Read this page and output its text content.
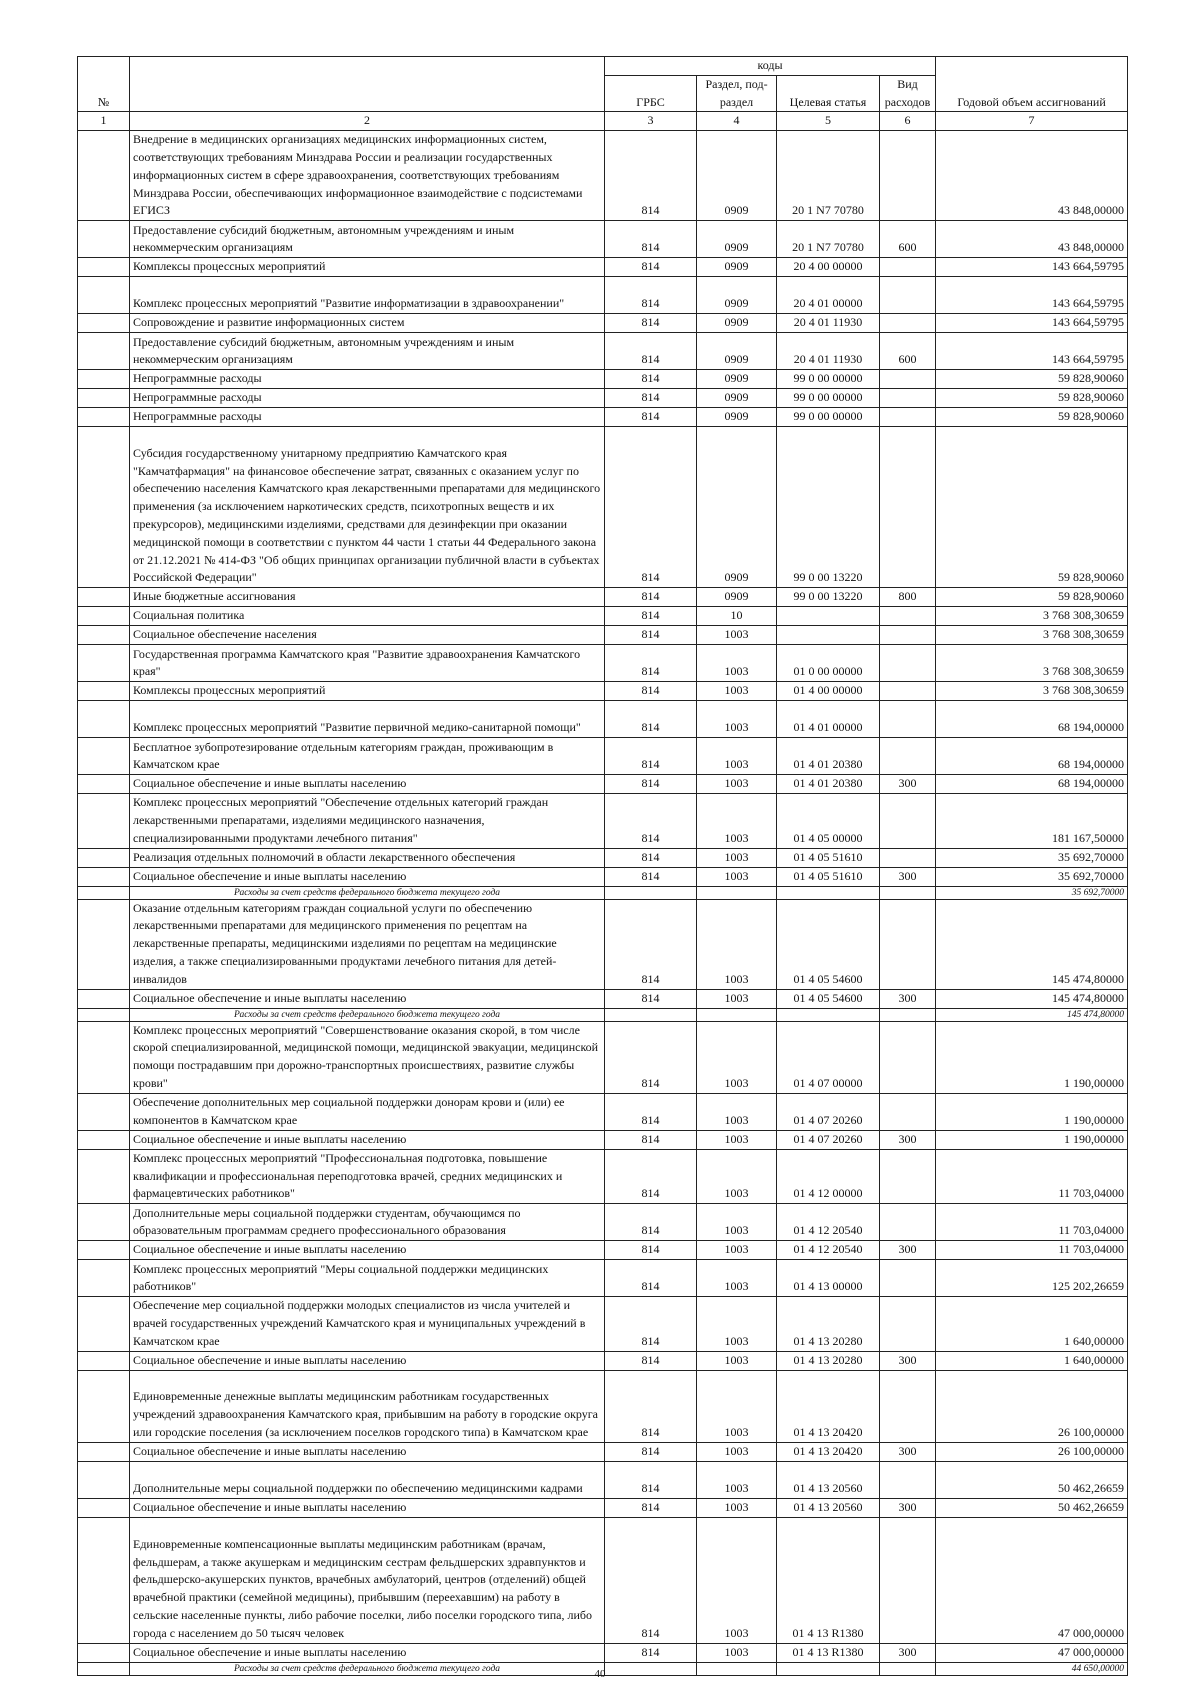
№		коды				Годовой объем ассигнований
		ГРБС	Раздел, под-раздел	Целевая статья	Вид расходов	
1	2	3	4	5	6	7
	Внедрение в медицинских организациях медицинских информационных систем, соответствующих требованиям Минздрава России и реализации государственных информационных систем в сфере здравоохранения, соответствующих требованиям Минздрава России, обеспечивающих информационное взаимодействие с подсистемами ЕГИСЗ	814	0909	20 1 N7 70780		43 848,00000
	Предоставление субсидий бюджетным, автономным учреждениям и иным некоммерческим организациям	814	0909	20 1 N7 70780	600	43 848,00000
	Комплексы процессных мероприятий	814	0909	20 4 00 00000		143 664,59795
	Комплекс процессных мероприятий "Развитие информатизации в здравоохранении"	814	0909	20 4 01 00000		143 664,59795
	Сопровождение и развитие информационных систем	814	0909	20 4 01 11930		143 664,59795
	Предоставление субсидий бюджетным, автономным учреждениям и иным некоммерческим организациям	814	0909	20 4 01 11930	600	143 664,59795
	Непрограммные расходы	814	0909	99 0 00 00000		59 828,90060
	Непрограммные расходы	814	0909	99 0 00 00000		59 828,90060
	Непрограммные расходы	814	0909	99 0 00 00000		59 828,90060
	Субсидия государственному унитарному предприятию Камчатского края "Камчатфармация" на финансовое обеспечение затрат, связанных с оказанием услуг по обеспечению населения Камчатского края лекарственными препаратами для медицинского применения (за исключением наркотических средств, психотропных веществ и их прекурсоров), медицинскими изделиями, средствами для дезинфекции при оказании медицинской помощи в соответствии с пунктом 44 части 1 статьи 44 Федерального закона от 21.12.2021 № 414-ФЗ "Об общих принципах организации публичной власти в субъектах Российской Федерации"	814	0909	99 0 00 13220		59 828,90060
	Иные бюджетные ассигнования	814	0909	99 0 00 13220	800	59 828,90060
	Социальная политика	814	10			3 768 308,30659
	Социальное обеспечение населения	814	1003			3 768 308,30659
	Государственная программа Камчатского края "Развитие здравоохранения Камчатского края"	814	1003	01 0 00 00000		3 768 308,30659
	Комплексы процессных мероприятий	814	1003	01 4 00 00000		3 768 308,30659
	Комплекс процессных мероприятий "Развитие первичной медико-санитарной помощи"	814	1003	01 4 01 00000		68 194,00000
	Бесплатное зубопротезирование отдельным категориям граждан, проживающим в Камчатском крае	814	1003	01 4 01 20380		68 194,00000
	Социальное обеспечение и иные выплаты населению	814	1003	01 4 01 20380	300	68 194,00000
	Комплекс процессных мероприятий "Обеспечение отдельных категорий граждан лекарственными препаратами, изделиями медицинского назначения, специализированными продуктами лечебного питания"	814	1003	01 4 05 00000		181 167,50000
	Реализация отдельных полномочий в области лекарственного обеспечения	814	1003	01 4 05 51610		35 692,70000
	Социальное обеспечение и иные выплаты населению	814	1003	01 4 05 51610	300	35 692,70000
	Расходы за счет средств федерального бюджета текущего года					35 692,70000
	Оказание отдельным категориям граждан социальной услуги по обеспечению лекарственными препаратами для медицинского применения по рецептам на лекарственные препараты, медицинскими изделиями по рецептам на медицинские изделия, а также специализированными продуктами лечебного питания для детей-инвалидов	814	1003	01 4 05 54600		145 474,80000
	Социальное обеспечение и иные выплаты населению	814	1003	01 4 05 54600	300	145 474,80000
	Расходы за счет средств федерального бюджета текущего года					145 474,80000
	Комплекс процессных мероприятий "Совершенствование оказания скорой, в том числе скорой специализированной, медицинской помощи, медицинской эвакуации, медицинской помощи пострадавшим при дорожно-транспортных происшествиях, развитие службы крови"	814	1003	01 4 07 00000		1 190,00000
	Обеспечение дополнительных мер социальной поддержки донорам крови и (или) ее компонентов в Камчатском крае	814	1003	01 4 07 20260		1 190,00000
	Социальное обеспечение и иные выплаты населению	814	1003	01 4 07 20260	300	1 190,00000
	Комплекс процессных мероприятий "Профессиональная подготовка, повышение квалификации и профессиональная переподготовка врачей, средних медицинских и фармацевтических работников"	814	1003	01 4 12 00000		11 703,04000
	Дополнительные меры социальной поддержки студентам, обучающимся по образовательным программам среднего профессионального образования	814	1003	01 4 12 20540		11 703,04000
	Социальное обеспечение и иные выплаты населению	814	1003	01 4 12 20540	300	11 703,04000
	Комплекс процессных мероприятий "Меры социальной поддержки медицинских работников"	814	1003	01 4 13 00000		125 202,26659
	Обеспечение мер социальной поддержки молодых специалистов из числа учителей и врачей государственных учреждений Камчатского края и муниципальных учреждений в Камчатском крае	814	1003	01 4 13 20280		1 640,00000
	Социальное обеспечение и иные выплаты населению	814	1003	01 4 13 20280	300	1 640,00000
	Единовременные денежные выплаты медицинским работникам государственных учреждений здравоохранения Камчатского края, прибывшим на работу в городские округа или городские поселения (за исключением поселков городского типа) в Камчатском крае	814	1003	01 4 13 20420		26 100,00000
	Социальное обеспечение и иные выплаты населению	814	1003	01 4 13 20420	300	26 100,00000
	Дополнительные меры социальной поддержки по обеспечению медицинскими кадрами	814	1003	01 4 13 20560		50 462,26659
	Социальное обеспечение и иные выплаты населению	814	1003	01 4 13 20560	300	50 462,26659
	Единовременные компенсационные выплаты медицинским работникам (врачам, фельдшерам, а также акушеркам и медицинским сестрам фельдшерских здравпунктов и фельдшерско-акушерских пунктов, врачебных амбулаторий, центров (отделений) общей врачебной практики (семейной медицины), прибывшим (переехавшим) на работу в сельские населенные пункты, либо рабочие поселки, либо поселки городского типа, либо города с населением до 50 тысяч человек	814	1003	01 4 13 R1380		47 000,00000
	Социальное обеспечение и иные выплаты населению	814	1003	01 4 13 R1380	300	47 000,00000
	Расходы за счет средств федерального бюджета текущего года					44 650,00000
40
